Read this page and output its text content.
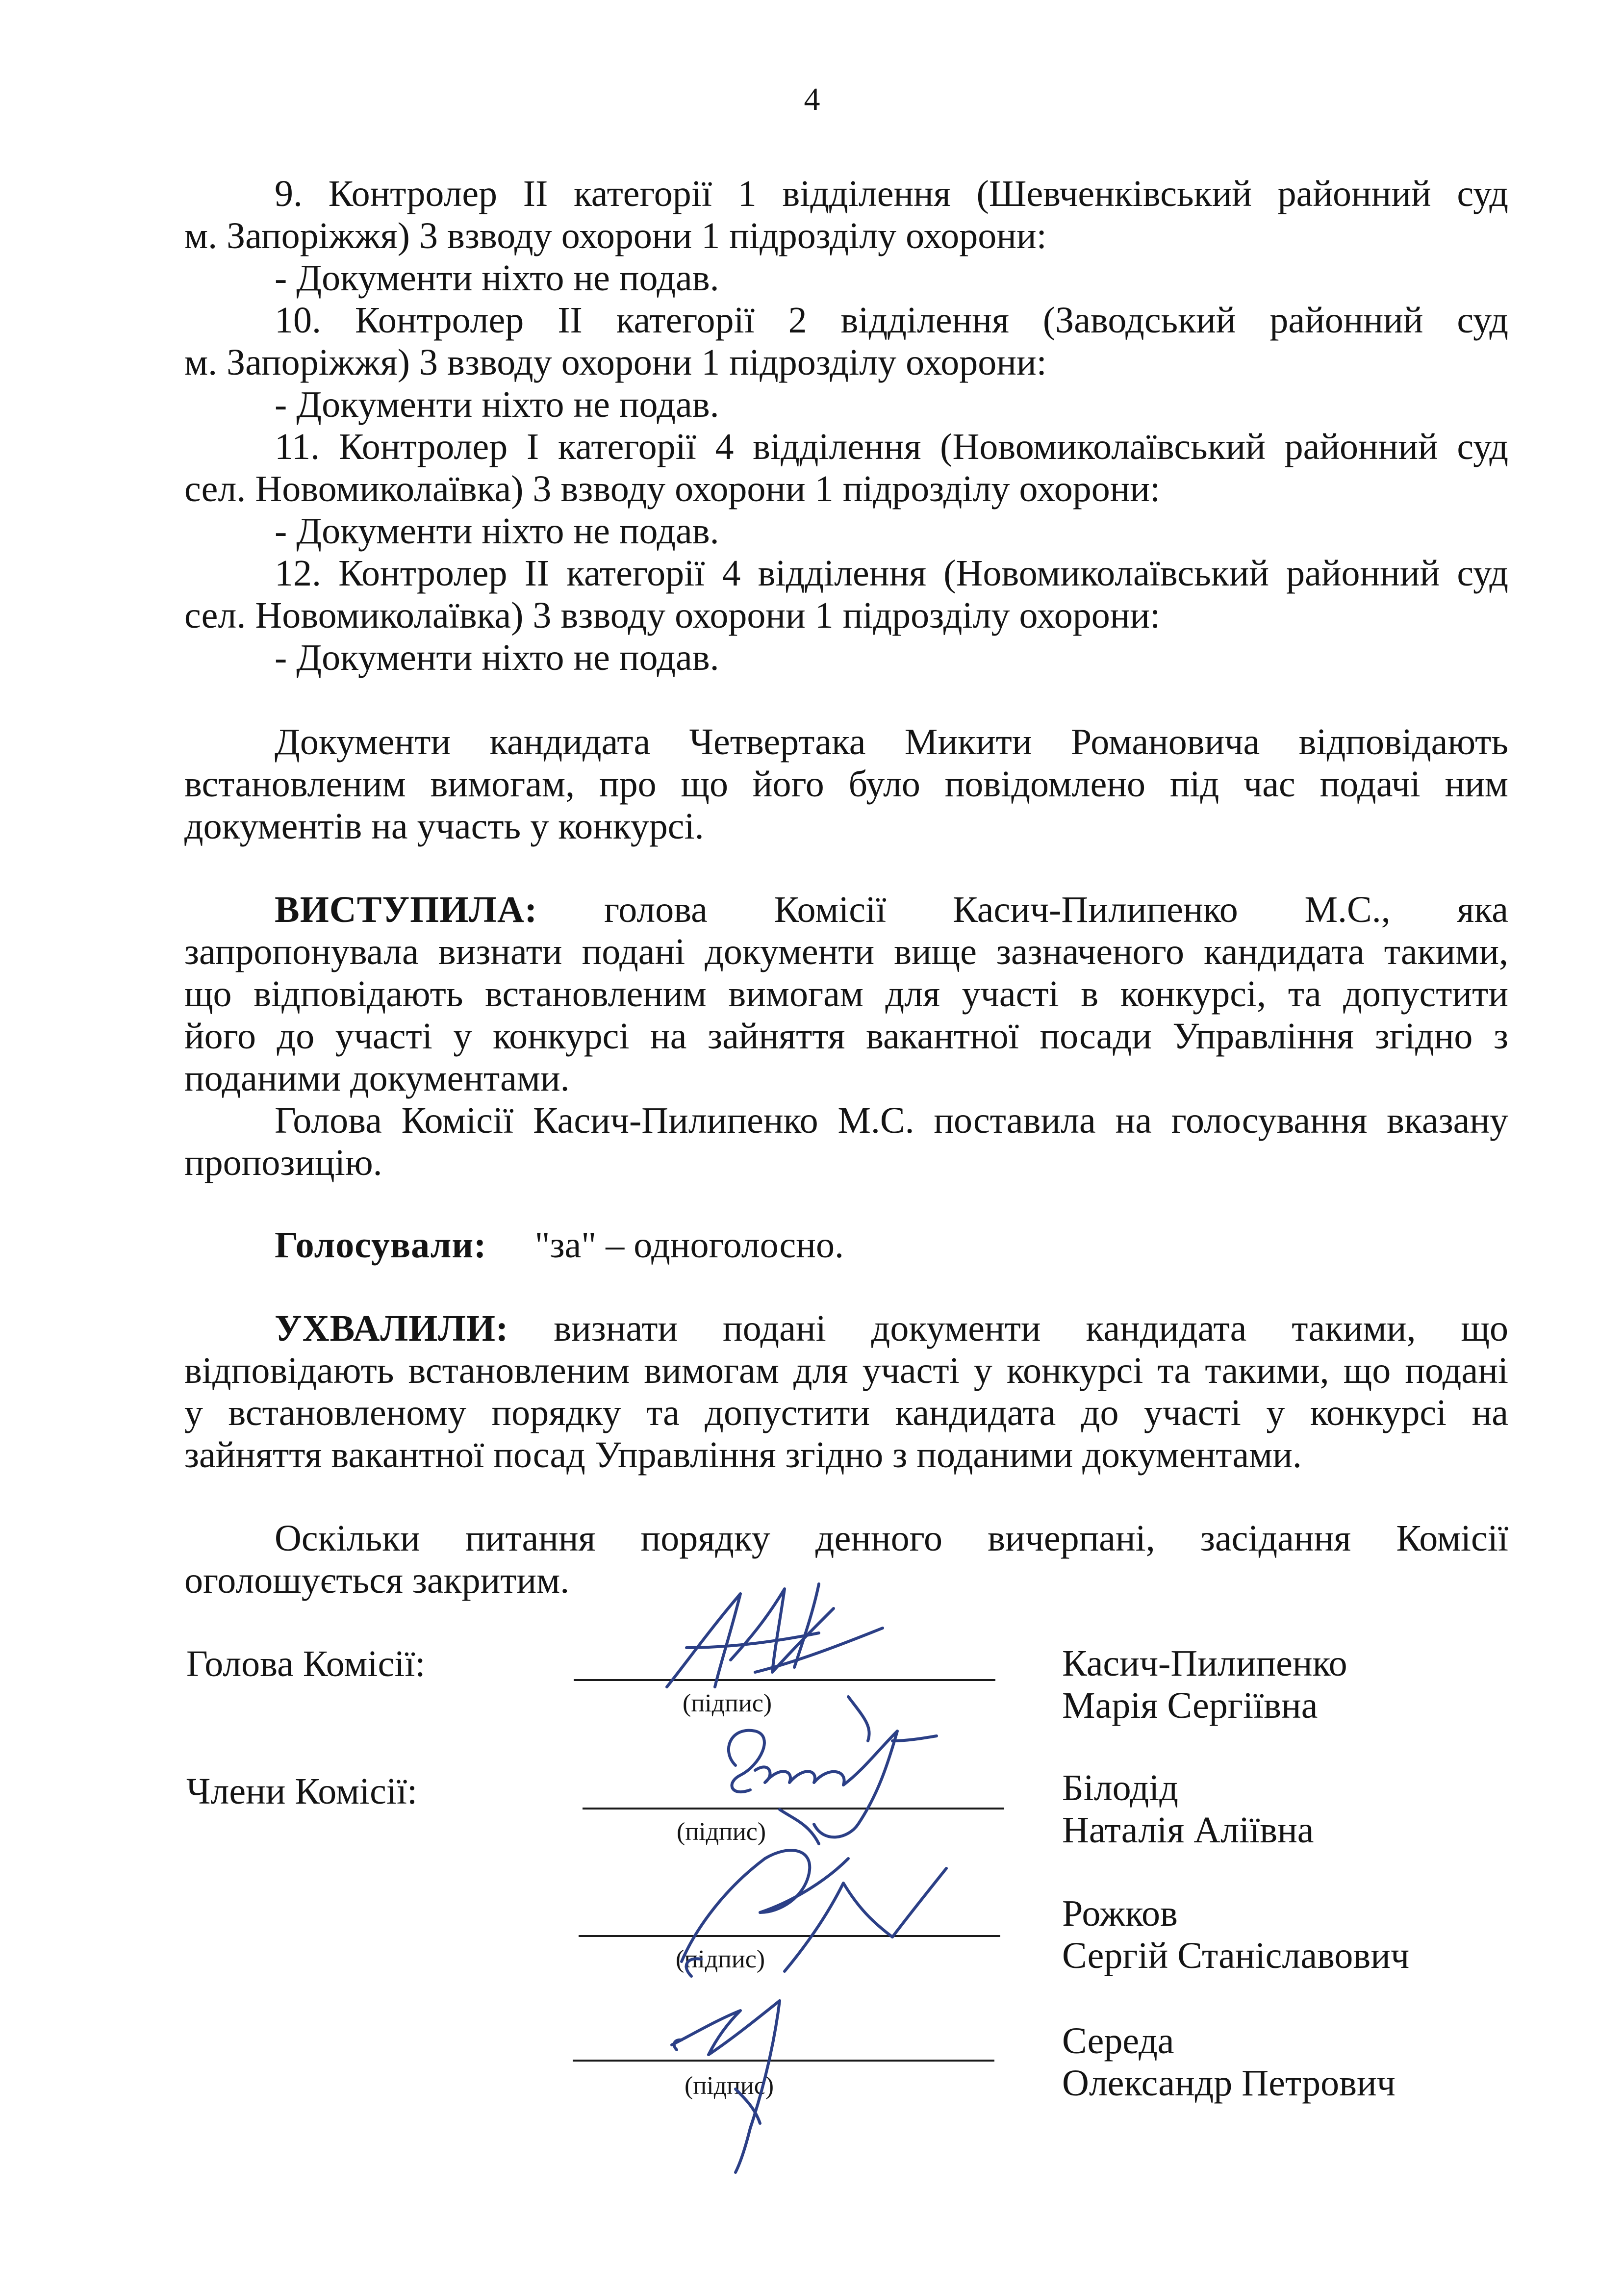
4
9. Контролер ІІ категорії 1 відділення (Шевченківський районний суд
м. Запоріжжя) 3 взводу охорони 1 підрозділу охорони:
- Документи ніхто не подав.
10. Контролер ІІ категорії 2 відділення (Заводський районний суд
м. Запоріжжя) 3 взводу охорони 1 підрозділу охорони:
- Документи ніхто не подав.
11. Контролер І категорії 4 відділення (Новомиколаївський районний суд
сел. Новомиколаївка) 3 взводу охорони 1 підрозділу охорони:
- Документи ніхто не подав.
12. Контролер ІІ категорії 4 відділення (Новомиколаївський районний суд
сел. Новомиколаївка) 3 взводу охорони 1 підрозділу охорони:
- Документи ніхто не подав.
Документи кандидата Четвертака Микити Романовича відповідають
встановленим вимогам, про що його було повідомлено під час подачі ним
документів на участь у конкурсі.
ВИСТУПИЛА: голова Комісії Касич-Пилипенко М.С., яка
запропонувала визнати подані документи вище зазначеного кандидата такими,
що відповідають встановленим вимогам для участі в конкурсі, та допустити
його до участі у конкурсі на зайняття вакантної посади Управління згідно з
поданими документами.
Голова Комісії Касич-Пилипенко М.С. поставила на голосування вказану
пропозицію.
Голосували: "за" – одноголосно.
УХВАЛИЛИ: визнати подані документи кандидата такими, що
відповідають встановленим вимогам для участі у конкурсі та такими, що подані
у встановленому порядку та допустити кандидата до участі у конкурсі на
зайняття вакантної посад Управління згідно з поданими документами.
Оскільки питання порядку денного вичерпані, засідання Комісії
оголошується закритим.
Голова Комісії:
Члени Комісії:
(підпис)
Касич-Пилипенко
Марія Сергіївна
(підпис)
Білодід
Наталія Аліївна
(підпис)
Рожков
Сергій Станіславович
(підпис)
Середа
Олександр Петрович
